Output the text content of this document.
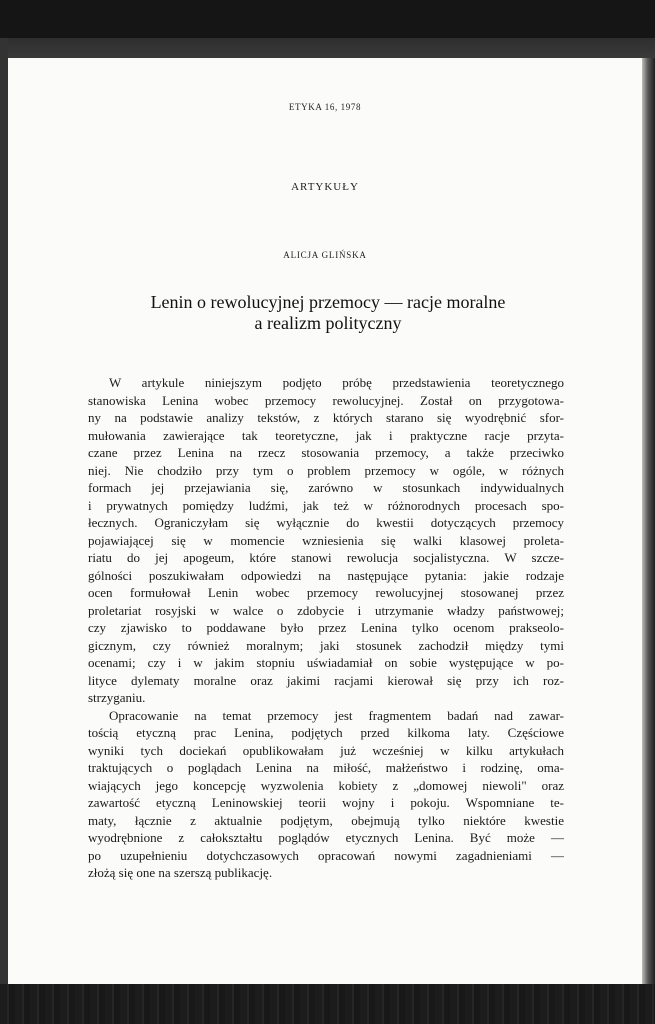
ETYKA 16, 1978
ARTYKUŁY
ALICJA GLIŃSKA
Lenin o rewolucyjnej przemocy — racje moralne
a realizm polityczny
W artykule niniejszym podjęto próbę przedstawienia teoretycznego
stanowiska Lenina wobec przemocy rewolucyjnej. Został on przygotowa-
ny na podstawie analizy tekstów, z których starano się wyodrębnić sfor-
mułowania zawierające tak teoretyczne, jak i praktyczne racje przyta-
czane przez Lenina na rzecz stosowania przemocy, a także przeciwko
niej. Nie chodziło przy tym o problem przemocy w ogóle, w różnych
formach jej przejawiania się, zarówno w stosunkach indywidualnych
i prywatnych pomiędzy ludźmi, jak też w różnorodnych procesach spo-
łecznych. Ograniczyłam się wyłącznie do kwestii dotyczących przemocy
pojawiającej się w momencie wzniesienia się walki klasowej proleta-
riatu do jej apogeum, które stanowi rewolucja socjalistyczna. W szcze-
gólności poszukiwałam odpowiedzi na następujące pytania: jakie rodzaje
ocen formułował Lenin wobec przemocy rewolucyjnej stosowanej przez
proletariat rosyjski w walce o zdobycie i utrzymanie władzy państwowej;
czy zjawisko to poddawane było przez Lenina tylko ocenom prakseolo-
gicznym, czy również moralnym; jaki stosunek zachodził między tymi
ocenami; czy i w jakim stopniu uświadamiał on sobie występujące w po-
lityce dylematy moralne oraz jakimi racjami kierował się przy ich roz-
strzyganiu.
Opracowanie na temat przemocy jest fragmentem badań nad zawar-
tością etyczną prac Lenina, podjętych przed kilkoma laty. Częściowe
wyniki tych dociekań opublikowałam już wcześniej w kilku artykułach
traktujących o poglądach Lenina na miłość, małżeństwo i rodzinę, oma-
wiających jego koncepcję wyzwolenia kobiety z „domowej niewoli" oraz
zawartość etyczną Leninowskiej teorii wojny i pokoju. Wspomniane te-
maty, łącznie z aktualnie podjętym, obejmują tylko niektóre kwestie
wyodrębnione z całokształtu poglądów etycznych Lenina. Być może —
po uzupełnieniu dotychczasowych opracowań nowymi zagadnieniami —
złożą się one na szerszą publikację.
